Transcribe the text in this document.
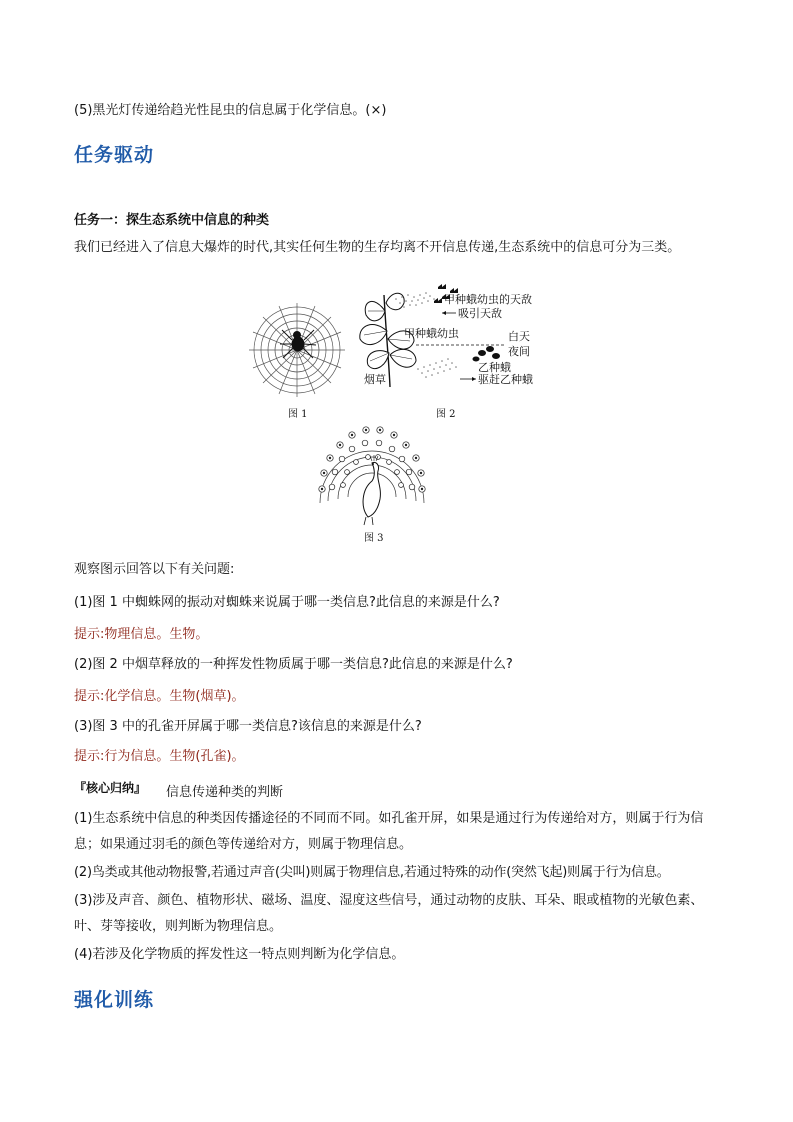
(5)黑光灯传递给趋光性昆虫的信息属于化学信息。(×)
任务驱动
任务一：探生态系统中信息的种类
我们已经进入了信息大爆炸的时代,其实任何生物的生存均离不开信息传递,生态系统中的信息可分为三类。
图 1
甲种蛾幼虫的天敌
吸引天敌
甲种蛾幼虫	白天
夜间
乙种蛾
驱赶乙种蛾
烟草
图 2
图 3
观察图示回答以下有关问题:
(1)图 1 中蜘蛛网的振动对蜘蛛来说属于哪一类信息?此信息的来源是什么?
提示:物理信息。生物。
(2)图 2 中烟草释放的一种挥发性物质属于哪一类信息?此信息的来源是什么?
提示:化学信息。生物(烟草)。
(3)图 3 中的孔雀开屏属于哪一类信息?该信息的来源是什么?
提示:行为信息。生物(孔雀)。
『核心归纳』 信息传递种类的判断
(1)生态系统中信息的种类因传播途径的不同而不同。如孔雀开屏，如果是通过行为传递给对方，则属于行为信息；如果通过羽毛的颜色等传递给对方，则属于物理信息。
(2)鸟类或其他动物报警,若通过声音(尖叫)则属于物理信息,若通过特殊的动作(突然飞起)则属于行为信息。
(3)涉及声音、颜色、植物形状、磁场、温度、湿度这些信号，通过动物的皮肤、耳朵、眼或植物的光敏色素、叶、芽等接收，则判断为物理信息。
(4)若涉及化学物质的挥发性这一特点则判断为化学信息。
强化训练
